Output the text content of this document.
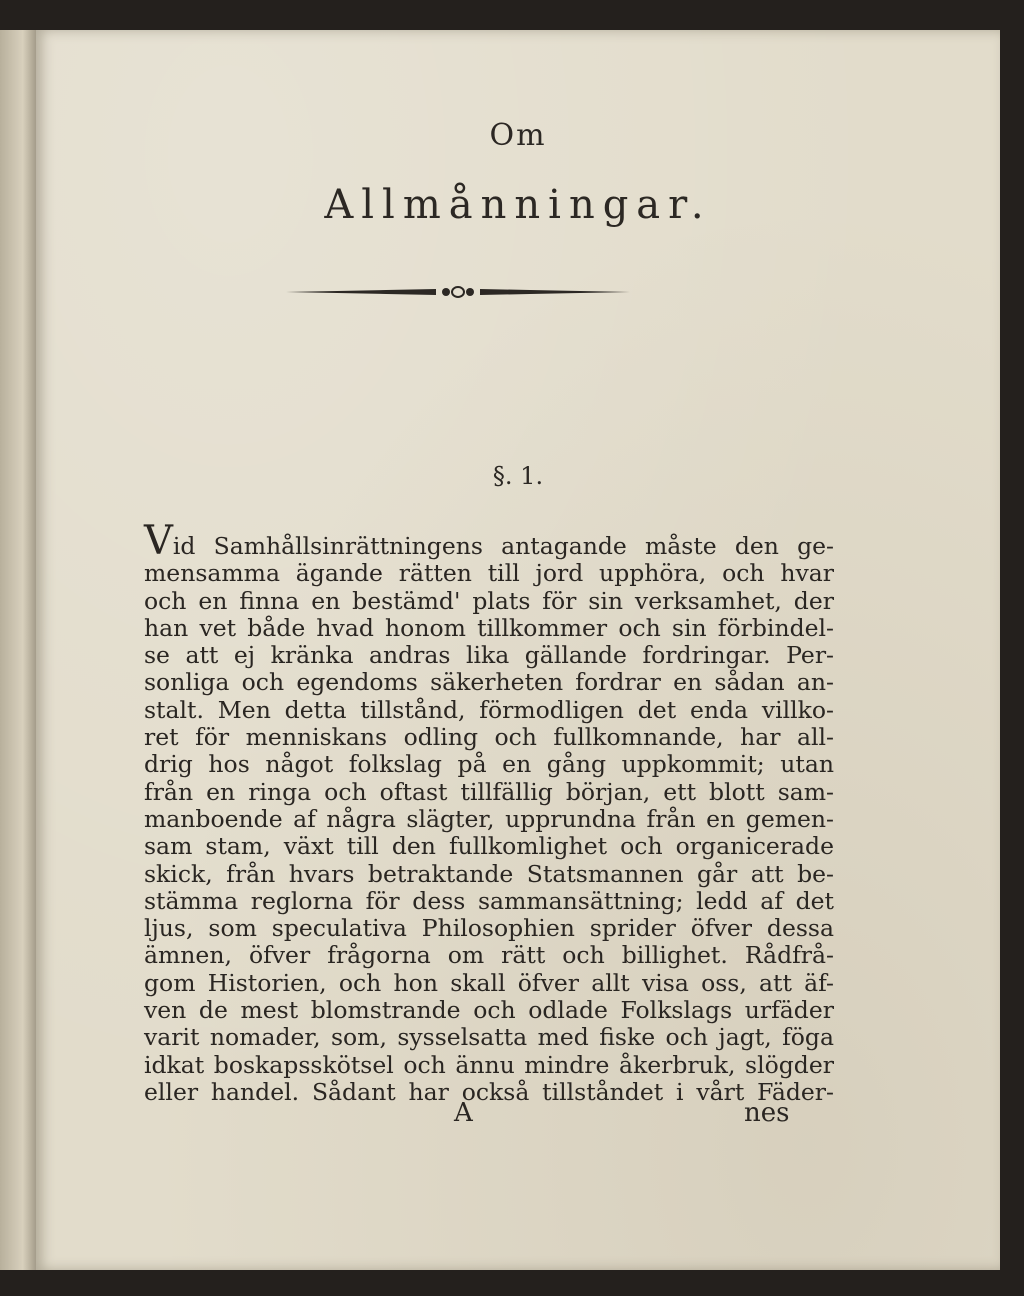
Om
Allmånningar.
§. 1.
Vid Samhållsinrättningens antagande måste den ge-
mensamma ägande rätten till jord upphöra, och hvar
och en finna en bestämd' plats för sin verksamhet, der
han vet både hvad honom tillkommer och sin förbindel-
se att ej kränka andras lika gällande fordringar. Per-
sonliga och egendoms säkerheten fordrar en sådan an-
stalt. Men detta tillstånd, förmodligen det enda villko-
ret för menniskans odling och fullkomnande, har all-
drig hos något folkslag på en gång uppkommit; utan
från en ringa och oftast tillfällig början, ett blott sam-
manboende af några slägter, upprundna från en gemen-
sam stam, växt till den fullkomlighet och organicerade
skick, från hvars betraktande Statsmannen går att be-
stämma reglorna för dess sammansättning; ledd af det
ljus, som speculativa Philosophien sprider öfver dessa
ämnen, öfver frågorna om rätt och billighet. Rådfrå-
gom Historien, och hon skall öfver allt visa oss, att äf-
ven de mest blomstrande och odlade Folkslags urfäder
varit nomader, som, sysselsatta med fiske och jagt, föga
idkat boskapsskötsel och ännu mindre åkerbruk, slögder
eller handel. Sådant har också tillståndet i vårt Fäder-
A	nes
